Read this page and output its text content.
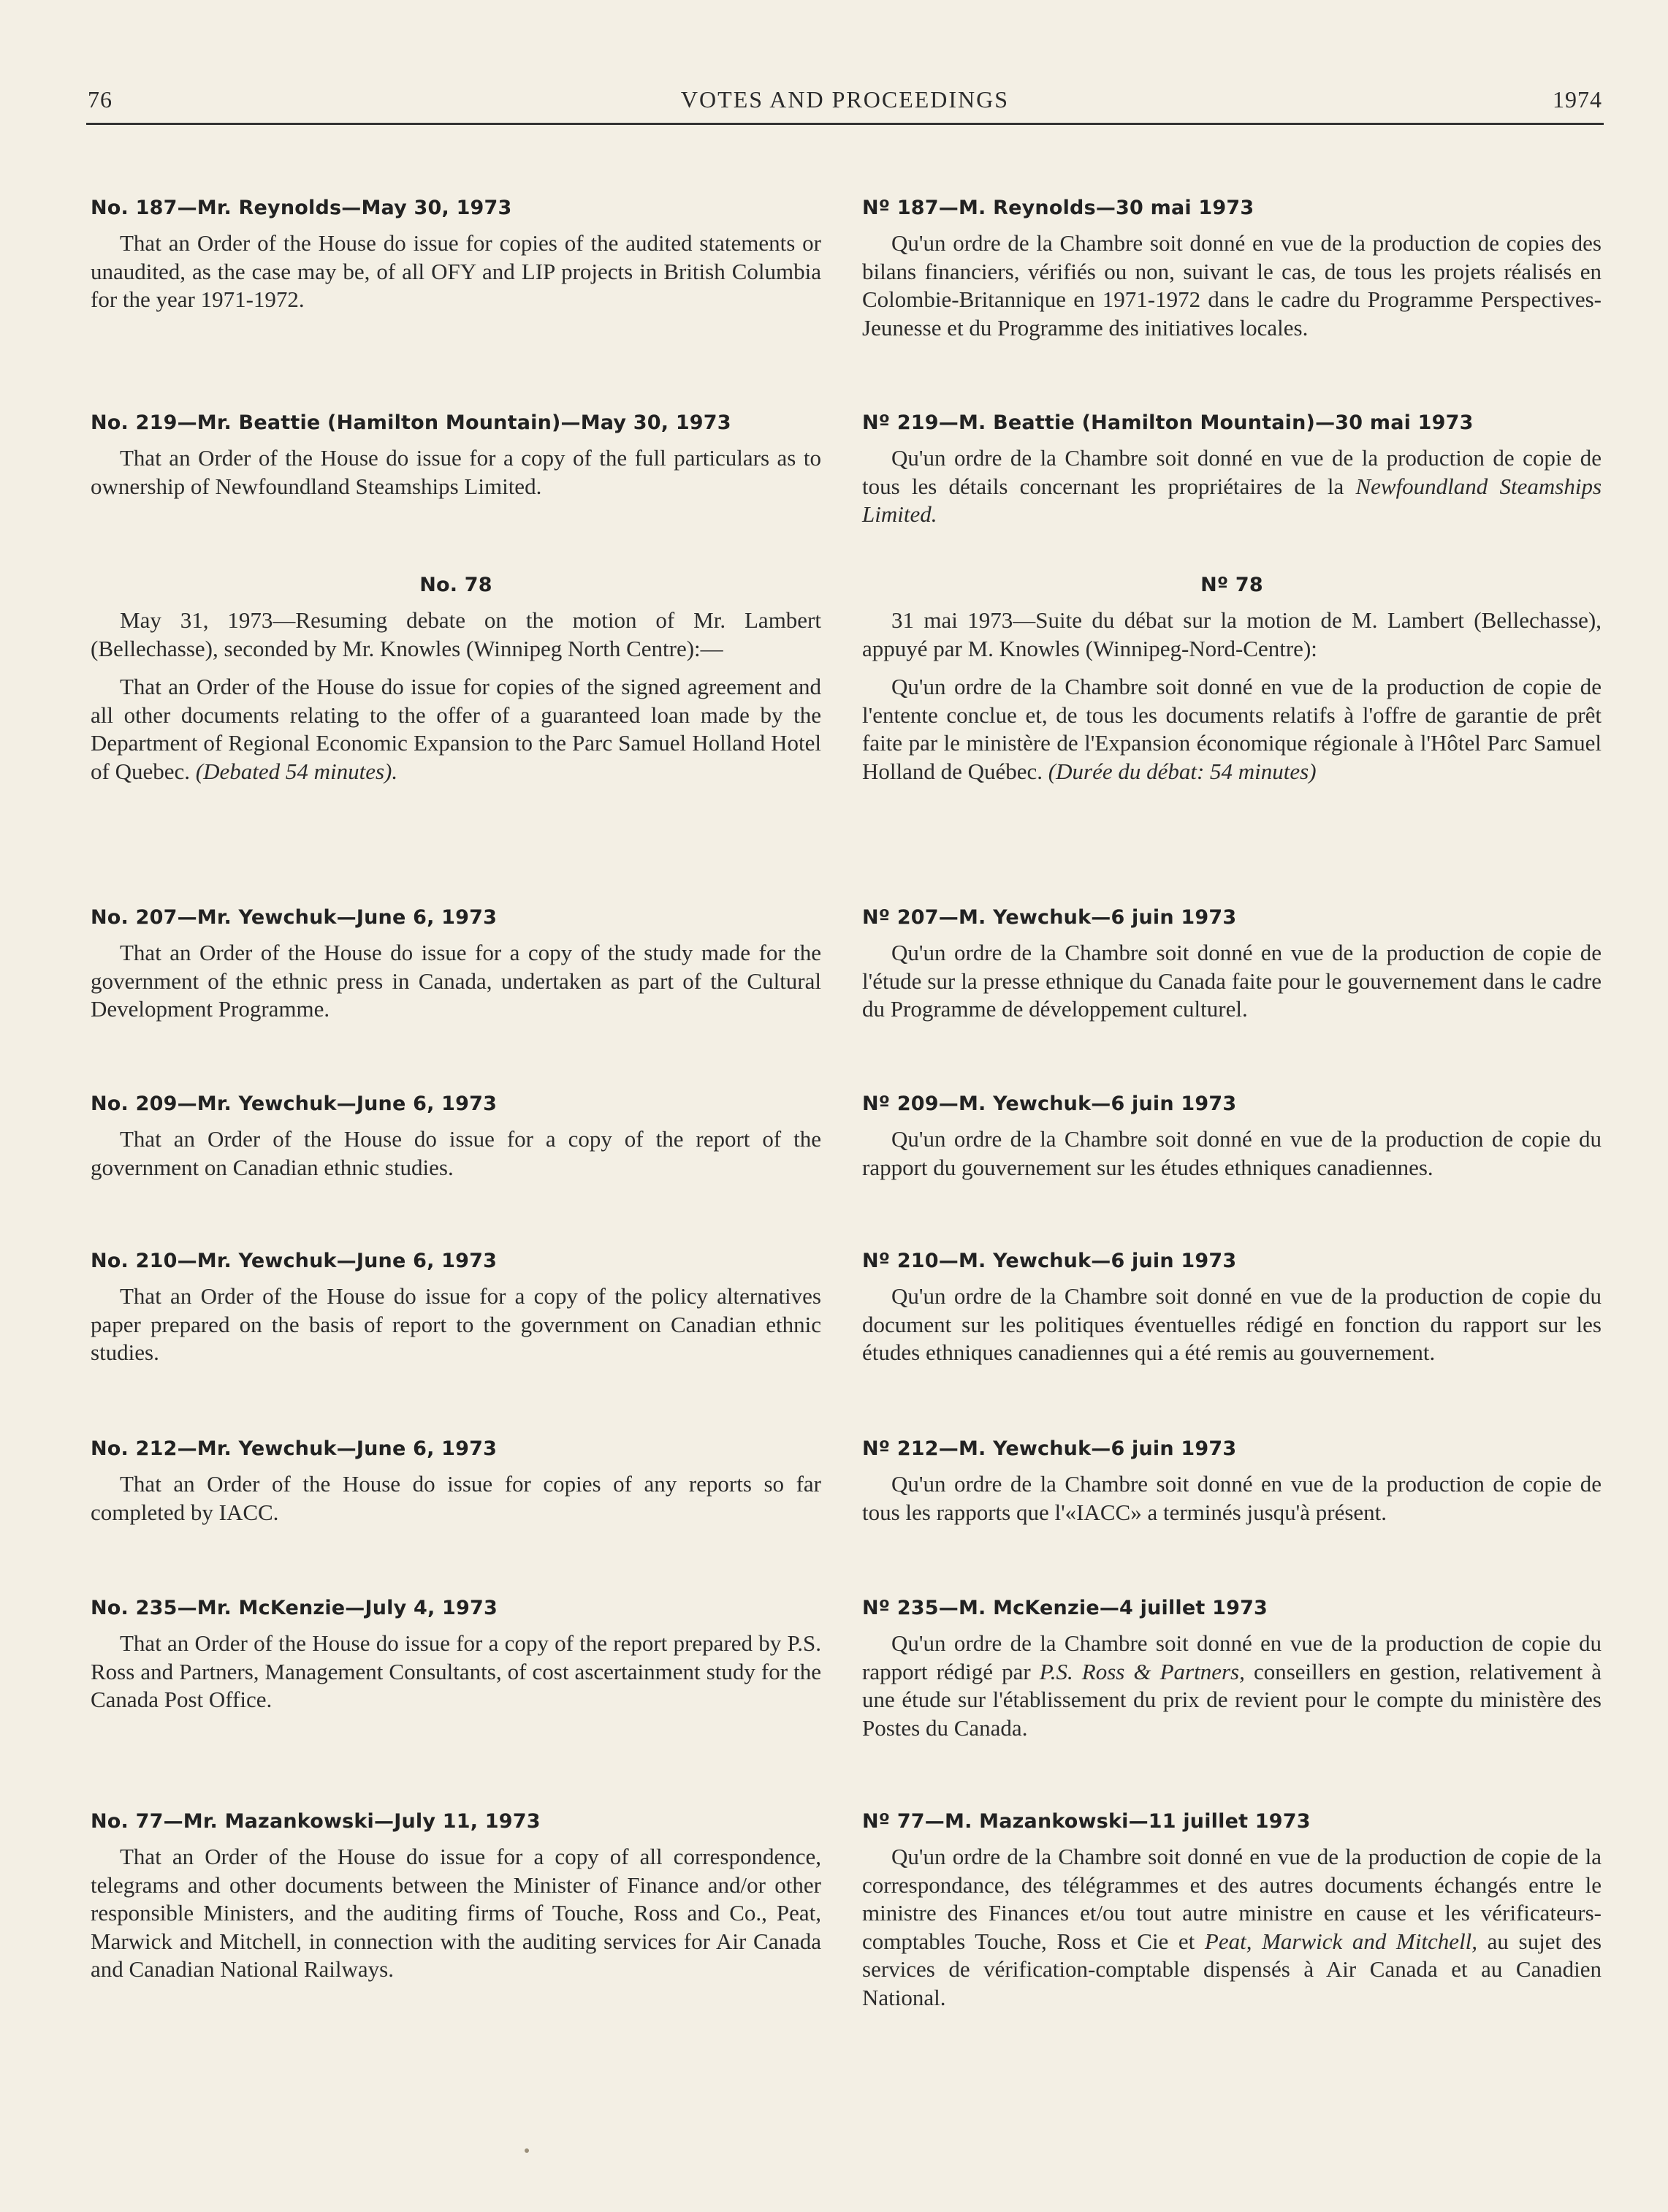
76	VOTES AND PROCEEDINGS	1974
No. 187—Mr. Reynolds—May 30, 1973
That an Order of the House do issue for copies of the audited statements or unaudited, as the case may be, of all OFY and LIP projects in British Columbia for the year 1971-1972.
No. 219—Mr. Beattie (Hamilton Mountain)—May 30, 1973
That an Order of the House do issue for a copy of the full particulars as to ownership of Newfoundland Steamships Limited.
No. 78
May 31, 1973—Resuming debate on the motion of Mr. Lambert (Bellechasse), seconded by Mr. Knowles (Winnipeg North Centre):—
That an Order of the House do issue for copies of the signed agreement and all other documents relating to the offer of a guaranteed loan made by the Department of Regional Economic Expansion to the Parc Samuel Holland Hotel of Quebec. (Debated 54 minutes).
No. 207—Mr. Yewchuk—June 6, 1973
That an Order of the House do issue for a copy of the study made for the government of the ethnic press in Canada, undertaken as part of the Cultural Development Programme.
No. 209—Mr. Yewchuk—June 6, 1973
That an Order of the House do issue for a copy of the report of the government on Canadian ethnic studies.
No. 210—Mr. Yewchuk—June 6, 1973
That an Order of the House do issue for a copy of the policy alternatives paper prepared on the basis of report to the government on Canadian ethnic studies.
No. 212—Mr. Yewchuk—June 6, 1973
That an Order of the House do issue for copies of any reports so far completed by IACC.
No. 235—Mr. McKenzie—July 4, 1973
That an Order of the House do issue for a copy of the report prepared by P.S. Ross and Partners, Management Consultants, of cost ascertainment study for the Canada Post Office.
No. 77—Mr. Mazankowski—July 11, 1973
That an Order of the House do issue for a copy of all correspondence, telegrams and other documents between the Minister of Finance and/or other responsible Ministers, and the auditing firms of Touche, Ross and Co., Peat, Marwick and Mitchell, in connection with the auditing services for Air Canada and Canadian National Railways.
Nº 187—M. Reynolds—30 mai 1973
Qu'un ordre de la Chambre soit donné en vue de la production de copies des bilans financiers, vérifiés ou non, suivant le cas, de tous les projets réalisés en Colombie-Britannique en 1971-1972 dans le cadre du Programme Perspectives-Jeunesse et du Programme des initiatives locales.
Nº 219—M. Beattie (Hamilton Mountain)—30 mai 1973
Qu'un ordre de la Chambre soit donné en vue de la production de copie de tous les détails concernant les propriétaires de la Newfoundland Steamships Limited.
Nº 78
31 mai 1973—Suite du débat sur la motion de M. Lambert (Bellechasse), appuyé par M. Knowles (Winnipeg-Nord-Centre):
Qu'un ordre de la Chambre soit donné en vue de la production de copie de l'entente conclue et, de tous les documents relatifs à l'offre de garantie de prêt faite par le ministère de l'Expansion économique régionale à l'Hôtel Parc Samuel Holland de Québec. (Durée du débat: 54 minutes)
Nº 207—M. Yewchuk—6 juin 1973
Qu'un ordre de la Chambre soit donné en vue de la production de copie de l'étude sur la presse ethnique du Canada faite pour le gouvernement dans le cadre du Programme de développement culturel.
Nº 209—M. Yewchuk—6 juin 1973
Qu'un ordre de la Chambre soit donné en vue de la production de copie du rapport du gouvernement sur les études ethniques canadiennes.
Nº 210—M. Yewchuk—6 juin 1973
Qu'un ordre de la Chambre soit donné en vue de la production de copie du document sur les politiques éventuelles rédigé en fonction du rapport sur les études ethniques canadiennes qui a été remis au gouvernement.
Nº 212—M. Yewchuk—6 juin 1973
Qu'un ordre de la Chambre soit donné en vue de la production de copie de tous les rapports que l'«IACC» a terminés jusqu'à présent.
Nº 235—M. McKenzie—4 juillet 1973
Qu'un ordre de la Chambre soit donné en vue de la production de copie du rapport rédigé par P.S. Ross & Partners, conseillers en gestion, relativement à une étude sur l'établissement du prix de revient pour le compte du ministère des Postes du Canada.
Nº 77—M. Mazankowski—11 juillet 1973
Qu'un ordre de la Chambre soit donné en vue de la production de copie de la correspondance, des télégrammes et des autres documents échangés entre le ministre des Finances et/ou tout autre ministre en cause et les vérificateurs-comptables Touche, Ross et Cie et Peat, Marwick and Mitchell, au sujet des services de vérification-comptable dispensés à Air Canada et au Canadien National.
